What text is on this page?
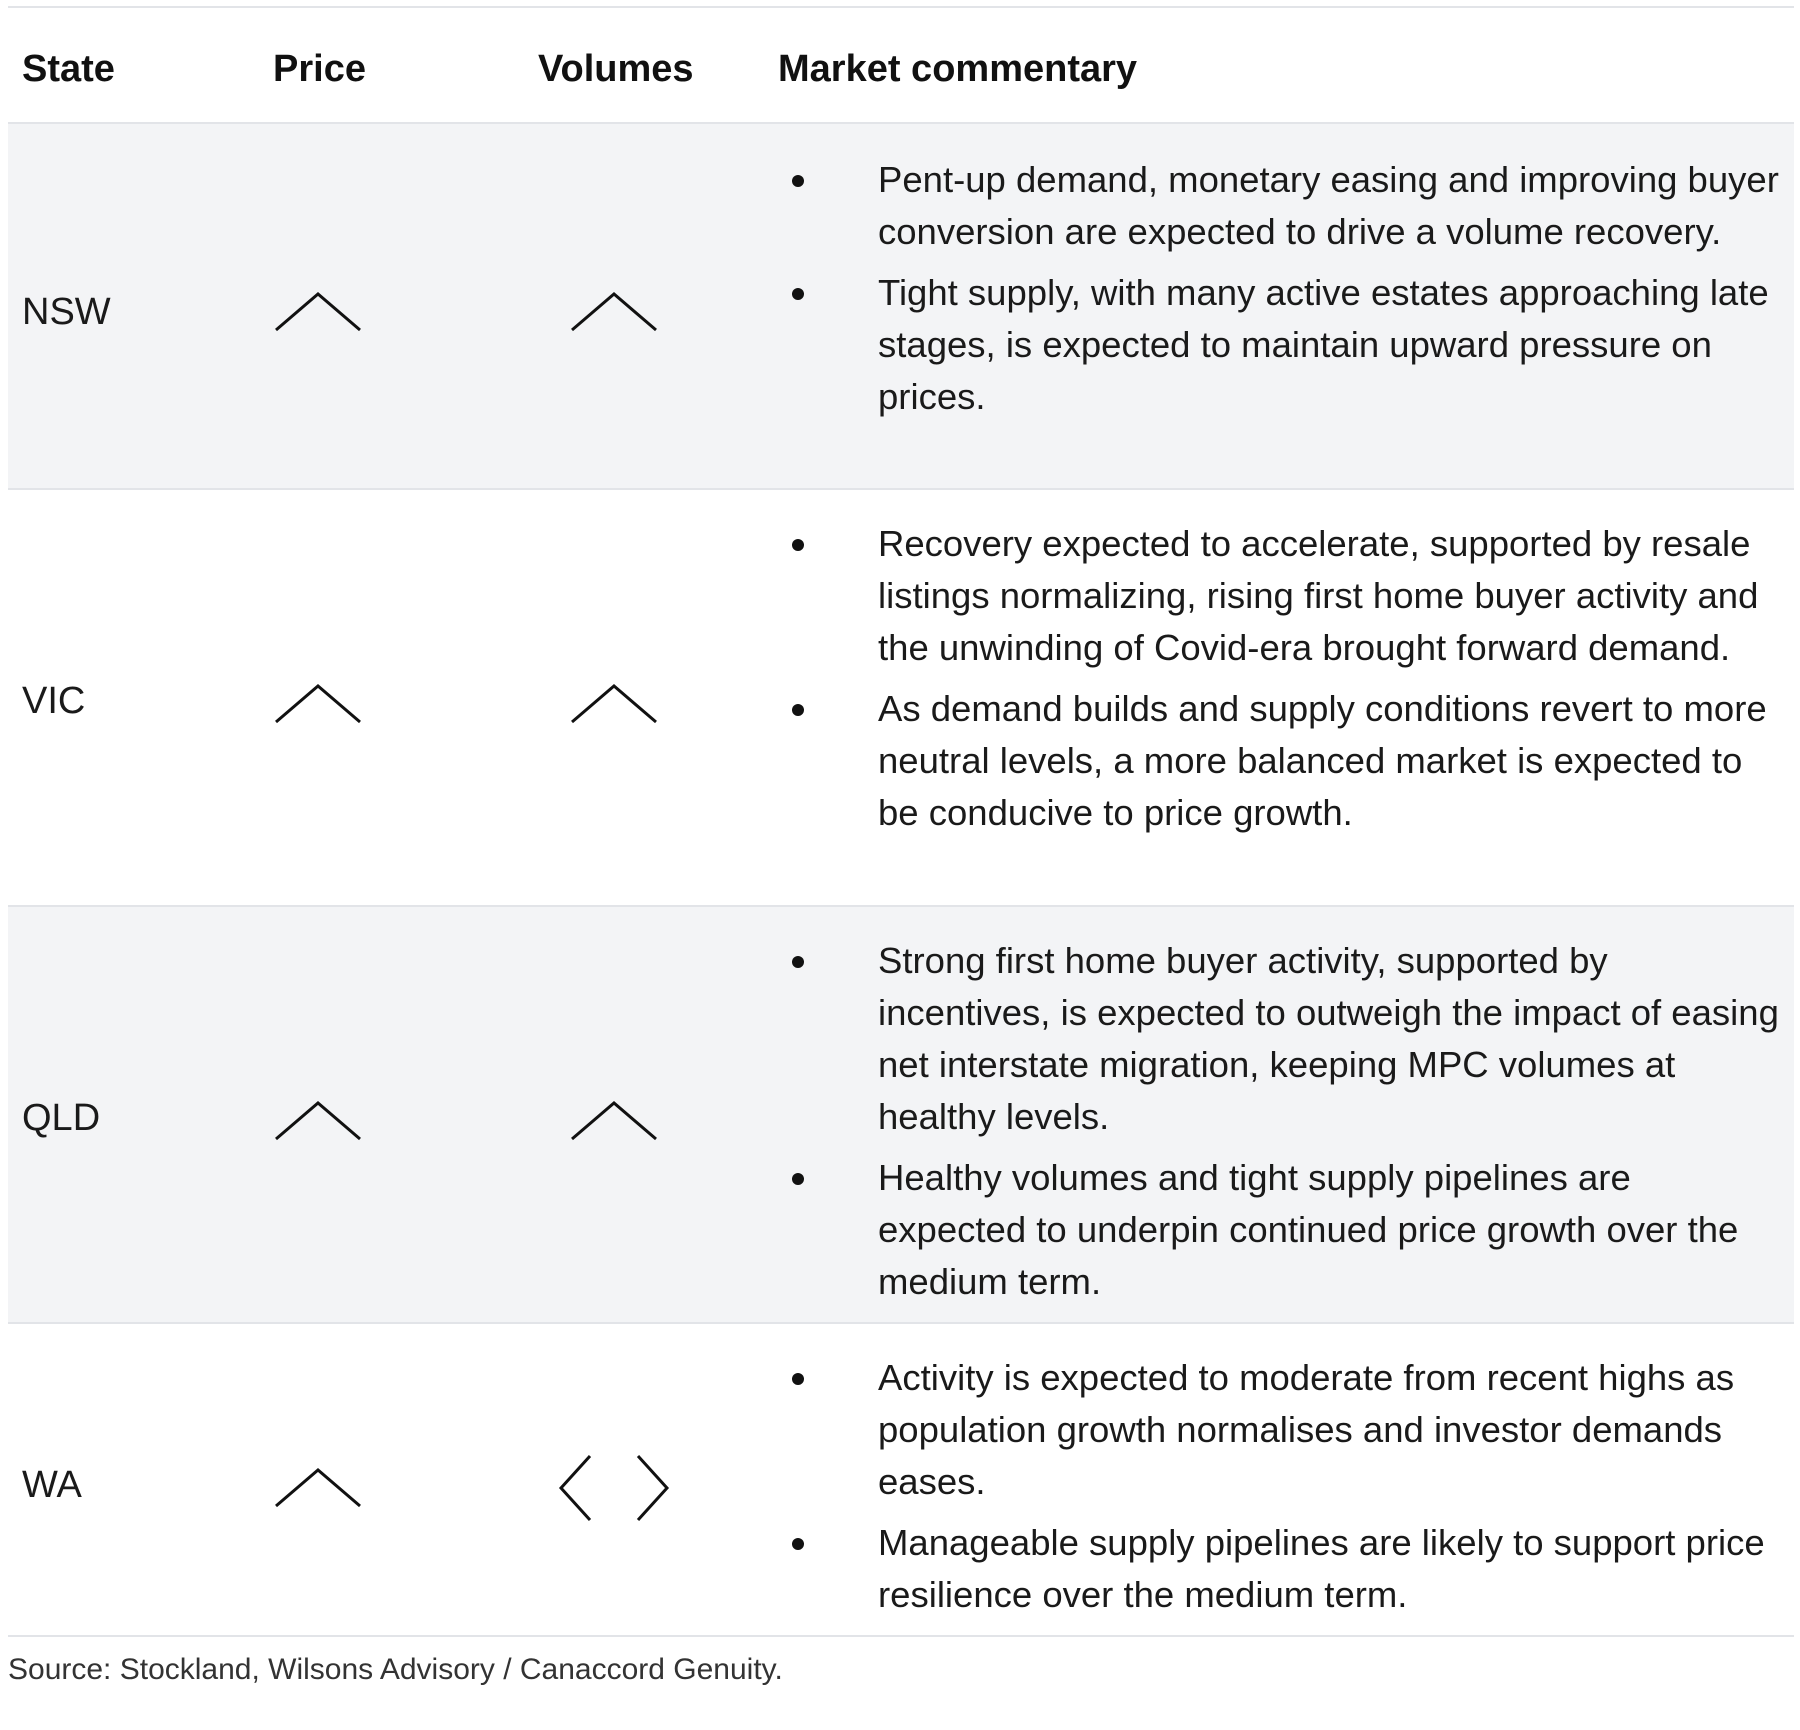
State	Price	Volumes Market commentary
NSW
Pent-up demand, monetary easing and improving buyer conversion are expected to drive a volume recovery.
Tight supply, with many active estates approaching late stages, is expected to maintain upward pressure on prices.
VIC
Recovery expected to accelerate, supported by resale listings normalizing, rising first home buyer activity and the unwinding of Covid-era brought forward demand.
As demand builds and supply conditions revert to more neutral levels, a more balanced market is expected to be conducive to price growth.
QLD
Strong first home buyer activity, supported by incentives, is expected to outweigh the impact of easing net interstate migration, keeping MPC volumes at healthy levels.
Healthy volumes and tight supply pipelines are expected to underpin continued price growth over the medium term.
WA
Activity is expected to moderate from recent highs as population growth normalises and investor demands eases.
Manageable supply pipelines are likely to support price resilience over the medium term.
Source: Stockland, Wilsons Advisory / Canaccord Genuity.
